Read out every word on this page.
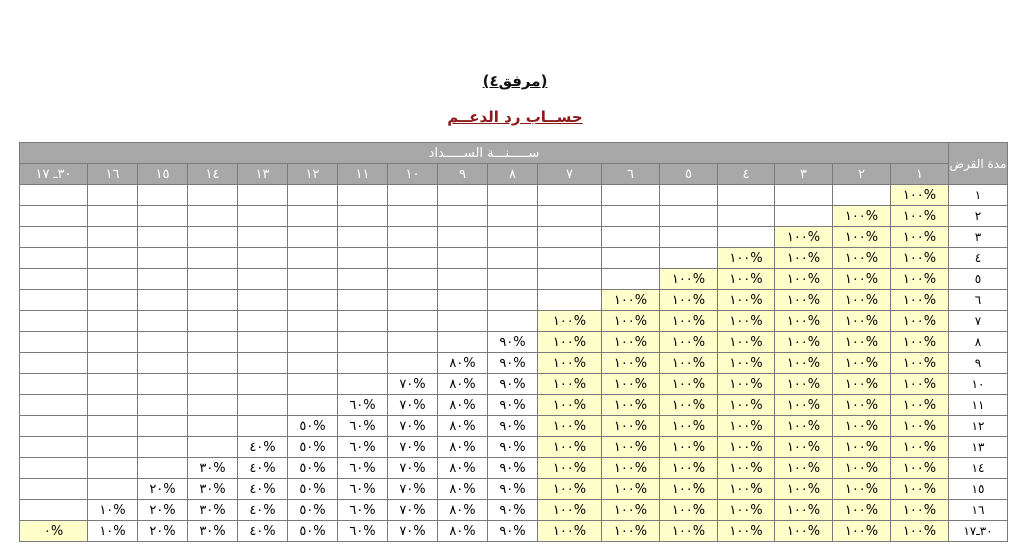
(مرفق٤)
حســاب رد الدعــم
مدة القرض	ســـــنـــة الســـــداد																
	١	٢	٣	٤	٥	٦	٧	٨	٩	١٠	١١	١٢	١٣	١٤	١٥	١٦	٣٠ـ ١٧
١	%١٠٠																
٢	%١٠٠	%١٠٠															
٣	%١٠٠	%١٠٠	%١٠٠														
٤	%١٠٠	%١٠٠	%١٠٠	%١٠٠													
٥	%١٠٠	%١٠٠	%١٠٠	%١٠٠	%١٠٠												
٦	%١٠٠	%١٠٠	%١٠٠	%١٠٠	%١٠٠	%١٠٠											
٧	%١٠٠	%١٠٠	%١٠٠	%١٠٠	%١٠٠	%١٠٠	%١٠٠										
٨	%١٠٠	%١٠٠	%١٠٠	%١٠٠	%١٠٠	%١٠٠	%١٠٠	%٩٠									
٩	%١٠٠	%١٠٠	%١٠٠	%١٠٠	%١٠٠	%١٠٠	%١٠٠	%٩٠	%٨٠								
١٠	%١٠٠	%١٠٠	%١٠٠	%١٠٠	%١٠٠	%١٠٠	%١٠٠	%٩٠	%٨٠	%٧٠							
١١	%١٠٠	%١٠٠	%١٠٠	%١٠٠	%١٠٠	%١٠٠	%١٠٠	%٩٠	%٨٠	%٧٠	%٦٠						
١٢	%١٠٠	%١٠٠	%١٠٠	%١٠٠	%١٠٠	%١٠٠	%١٠٠	%٩٠	%٨٠	%٧٠	%٦٠	%٥٠					
١٣	%١٠٠	%١٠٠	%١٠٠	%١٠٠	%١٠٠	%١٠٠	%١٠٠	%٩٠	%٨٠	%٧٠	%٦٠	%٥٠	%٤٠				
١٤	%١٠٠	%١٠٠	%١٠٠	%١٠٠	%١٠٠	%١٠٠	%١٠٠	%٩٠	%٨٠	%٧٠	%٦٠	%٥٠	%٤٠	%٣٠			
١٥	%١٠٠	%١٠٠	%١٠٠	%١٠٠	%١٠٠	%١٠٠	%١٠٠	%٩٠	%٨٠	%٧٠	%٦٠	%٥٠	%٤٠	%٣٠	%٢٠		
١٦	%١٠٠	%١٠٠	%١٠٠	%١٠٠	%١٠٠	%١٠٠	%١٠٠	%٩٠	%٨٠	%٧٠	%٦٠	%٥٠	%٤٠	%٣٠	%٢٠	%١٠	
٣٠ـ١٧	%١٠٠	%١٠٠	%١٠٠	%١٠٠	%١٠٠	%١٠٠	%١٠٠	%٩٠	%٨٠	%٧٠	%٦٠	%٥٠	%٤٠	%٣٠	%٢٠	%١٠	%٠
